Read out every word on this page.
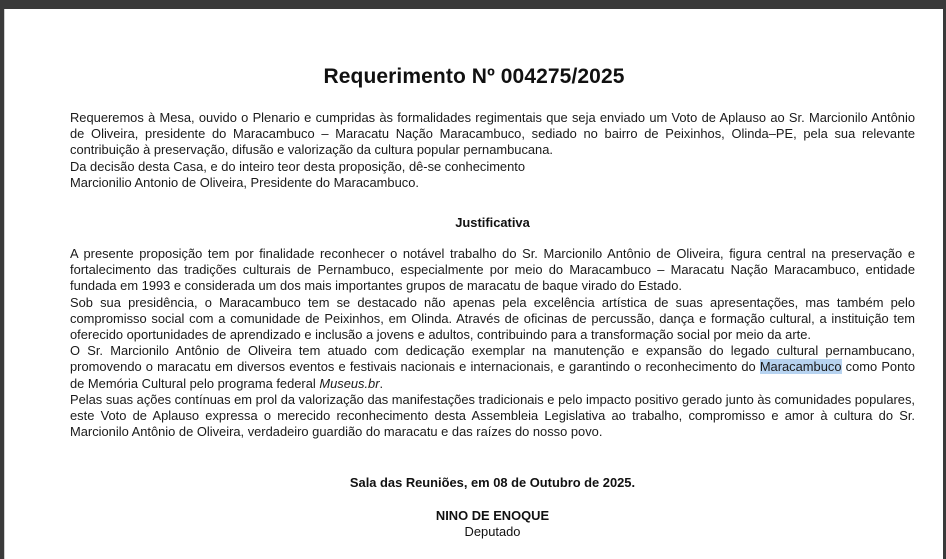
Requerimento Nº 004275/2025

Requeremos à Mesa, ouvido o Plenario e cumpridas às formalidades regimentais que seja enviado um Voto de Aplauso ao Sr. Marcionilo Antônio de Oliveira, presidente do Maracambuco – Maracatu Nação Maracambuco, sediado no bairro de Peixinhos, Olinda–PE, pela sua relevante contribuição à preservação, difusão e valorização da cultura popular pernambucana.

Da decisão desta Casa, e do inteiro teor desta proposição, dê-se conhecimento

Marcionilio Antonio de Oliveira, Presidente do Maracambuco.

Justificativa

A presente proposição tem por finalidade reconhecer o notável trabalho do Sr. Marcionilo Antônio de Oliveira, figura central na preservação e fortalecimento das tradições culturais de Pernambuco, especialmente por meio do Maracambuco – Maracatu Nação Maracambuco, entidade fundada em 1993 e considerada um dos mais importantes grupos de maracatu de baque virado do Estado.

Sob sua presidência, o Maracambuco tem se destacado não apenas pela excelência artística de suas apresentações, mas também pelo compromisso social com a comunidade de Peixinhos, em Olinda. Através de oficinas de percussão, dança e formação cultural, a instituição tem oferecido oportunidades de aprendizado e inclusão a jovens e adultos, contribuindo para a transformação social por meio da arte.

O Sr. Marcionilo Antônio de Oliveira tem atuado com dedicação exemplar na manutenção e expansão do legado cultural pernambucano, promovendo o maracatu em diversos eventos e festivais nacionais e internacionais, e garantindo o reconhecimento do Maracambuco como Ponto de Memória Cultural pelo programa federal Museus.br.

Pelas suas ações contínuas em prol da valorização das manifestações tradicionais e pelo impacto positivo gerado junto às comunidades populares, este Voto de Aplauso expressa o merecido reconhecimento desta Assembleia Legislativa ao trabalho, compromisso e amor à cultura do Sr. Marcionilo Antônio de Oliveira, verdadeiro guardião do maracatu e das raízes do nosso povo.

Sala das Reuniões, em 08 de Outubro de 2025.
NINO DE ENOQUE
Deputado
